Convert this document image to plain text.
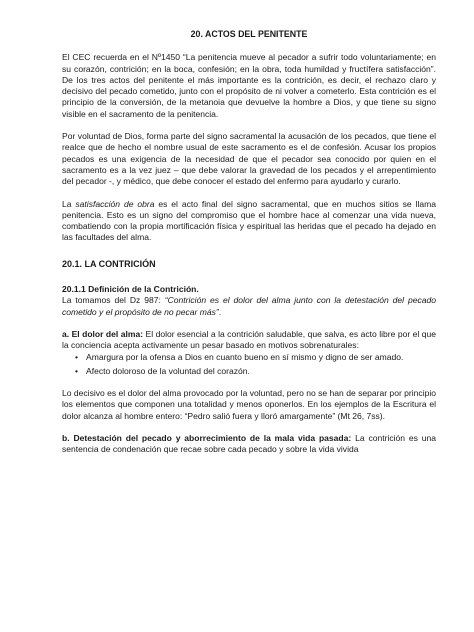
20. ACTOS DEL PENITENTE

El CEC recuerda en el Nº1450 “La penitencia mueve al pecador a sufrir todo voluntariamente; en su corazón, contrición; en la boca, confesión; en la obra, toda humildad y fructífera satisfacción”. De los tres actos del penitente el más importante es la contrición, es decir, el rechazo claro y decisivo del pecado cometido, junto con el propósito de ni volver a cometerlo. Esta contrición es el principio de la conversión, de la metanoia que devuelve la hombre a Dios, y que tiene su signo visible en el sacramento de la penitencia.

Por voluntad de Dios, forma parte del signo sacramental la acusación de los pecados, que tiene el realce que de hecho el nombre usual de este sacramento es el de confesión. Acusar los propios pecados es una exigencia de la necesidad de que el pecador sea conocido por quien en el sacramento es a la vez juez – que debe valorar la gravedad de los pecados y el arrepentimiento del pecador -, y médico, que debe conocer el estado del enfermo para ayudarlo y curarlo.

La satisfacción de obra es el acto final del signo sacramental, que en muchos sitios se llama penitencia. Esto es un signo del compromiso que el hombre hace al comenzar una vida nueva, combatiendo con la propia mortificación física y espiritual las heridas que el pecado ha dejado en las facultades del alma.

20.1. LA CONTRICIÓN

20.1.1 Definición de la Contrición.

La tomamos del Dz 987: “Contrición es el dolor del alma junto con la detestación del pecado cometido y el propósito de no pecar más”.

a. El dolor del alma: El dolor esencial a la contrición saludable, que salva, es acto libre por el que la conciencia acepta activamente un pesar basado en motivos sobrenaturales:

• Amargura por la ofensa a Dios en cuanto bueno en sí mismo y digno de ser amado.
• Afecto doloroso de la voluntad del corazón.

Lo decisivo es el dolor del alma provocado por la voluntad, pero no se han de separar por principio los elementos que componen una totalidad y menos oponerlos. En los ejemplos de la Escritura el dolor alcanza al hombre entero: “Pedro salió fuera y lloró amargamente” (Mt 26, 7ss).

b. Detestación del pecado y aborrecimiento de la mala vida pasada: La contrición es una sentencia de condenación que recae sobre cada pecado y sobre la vida vivida
